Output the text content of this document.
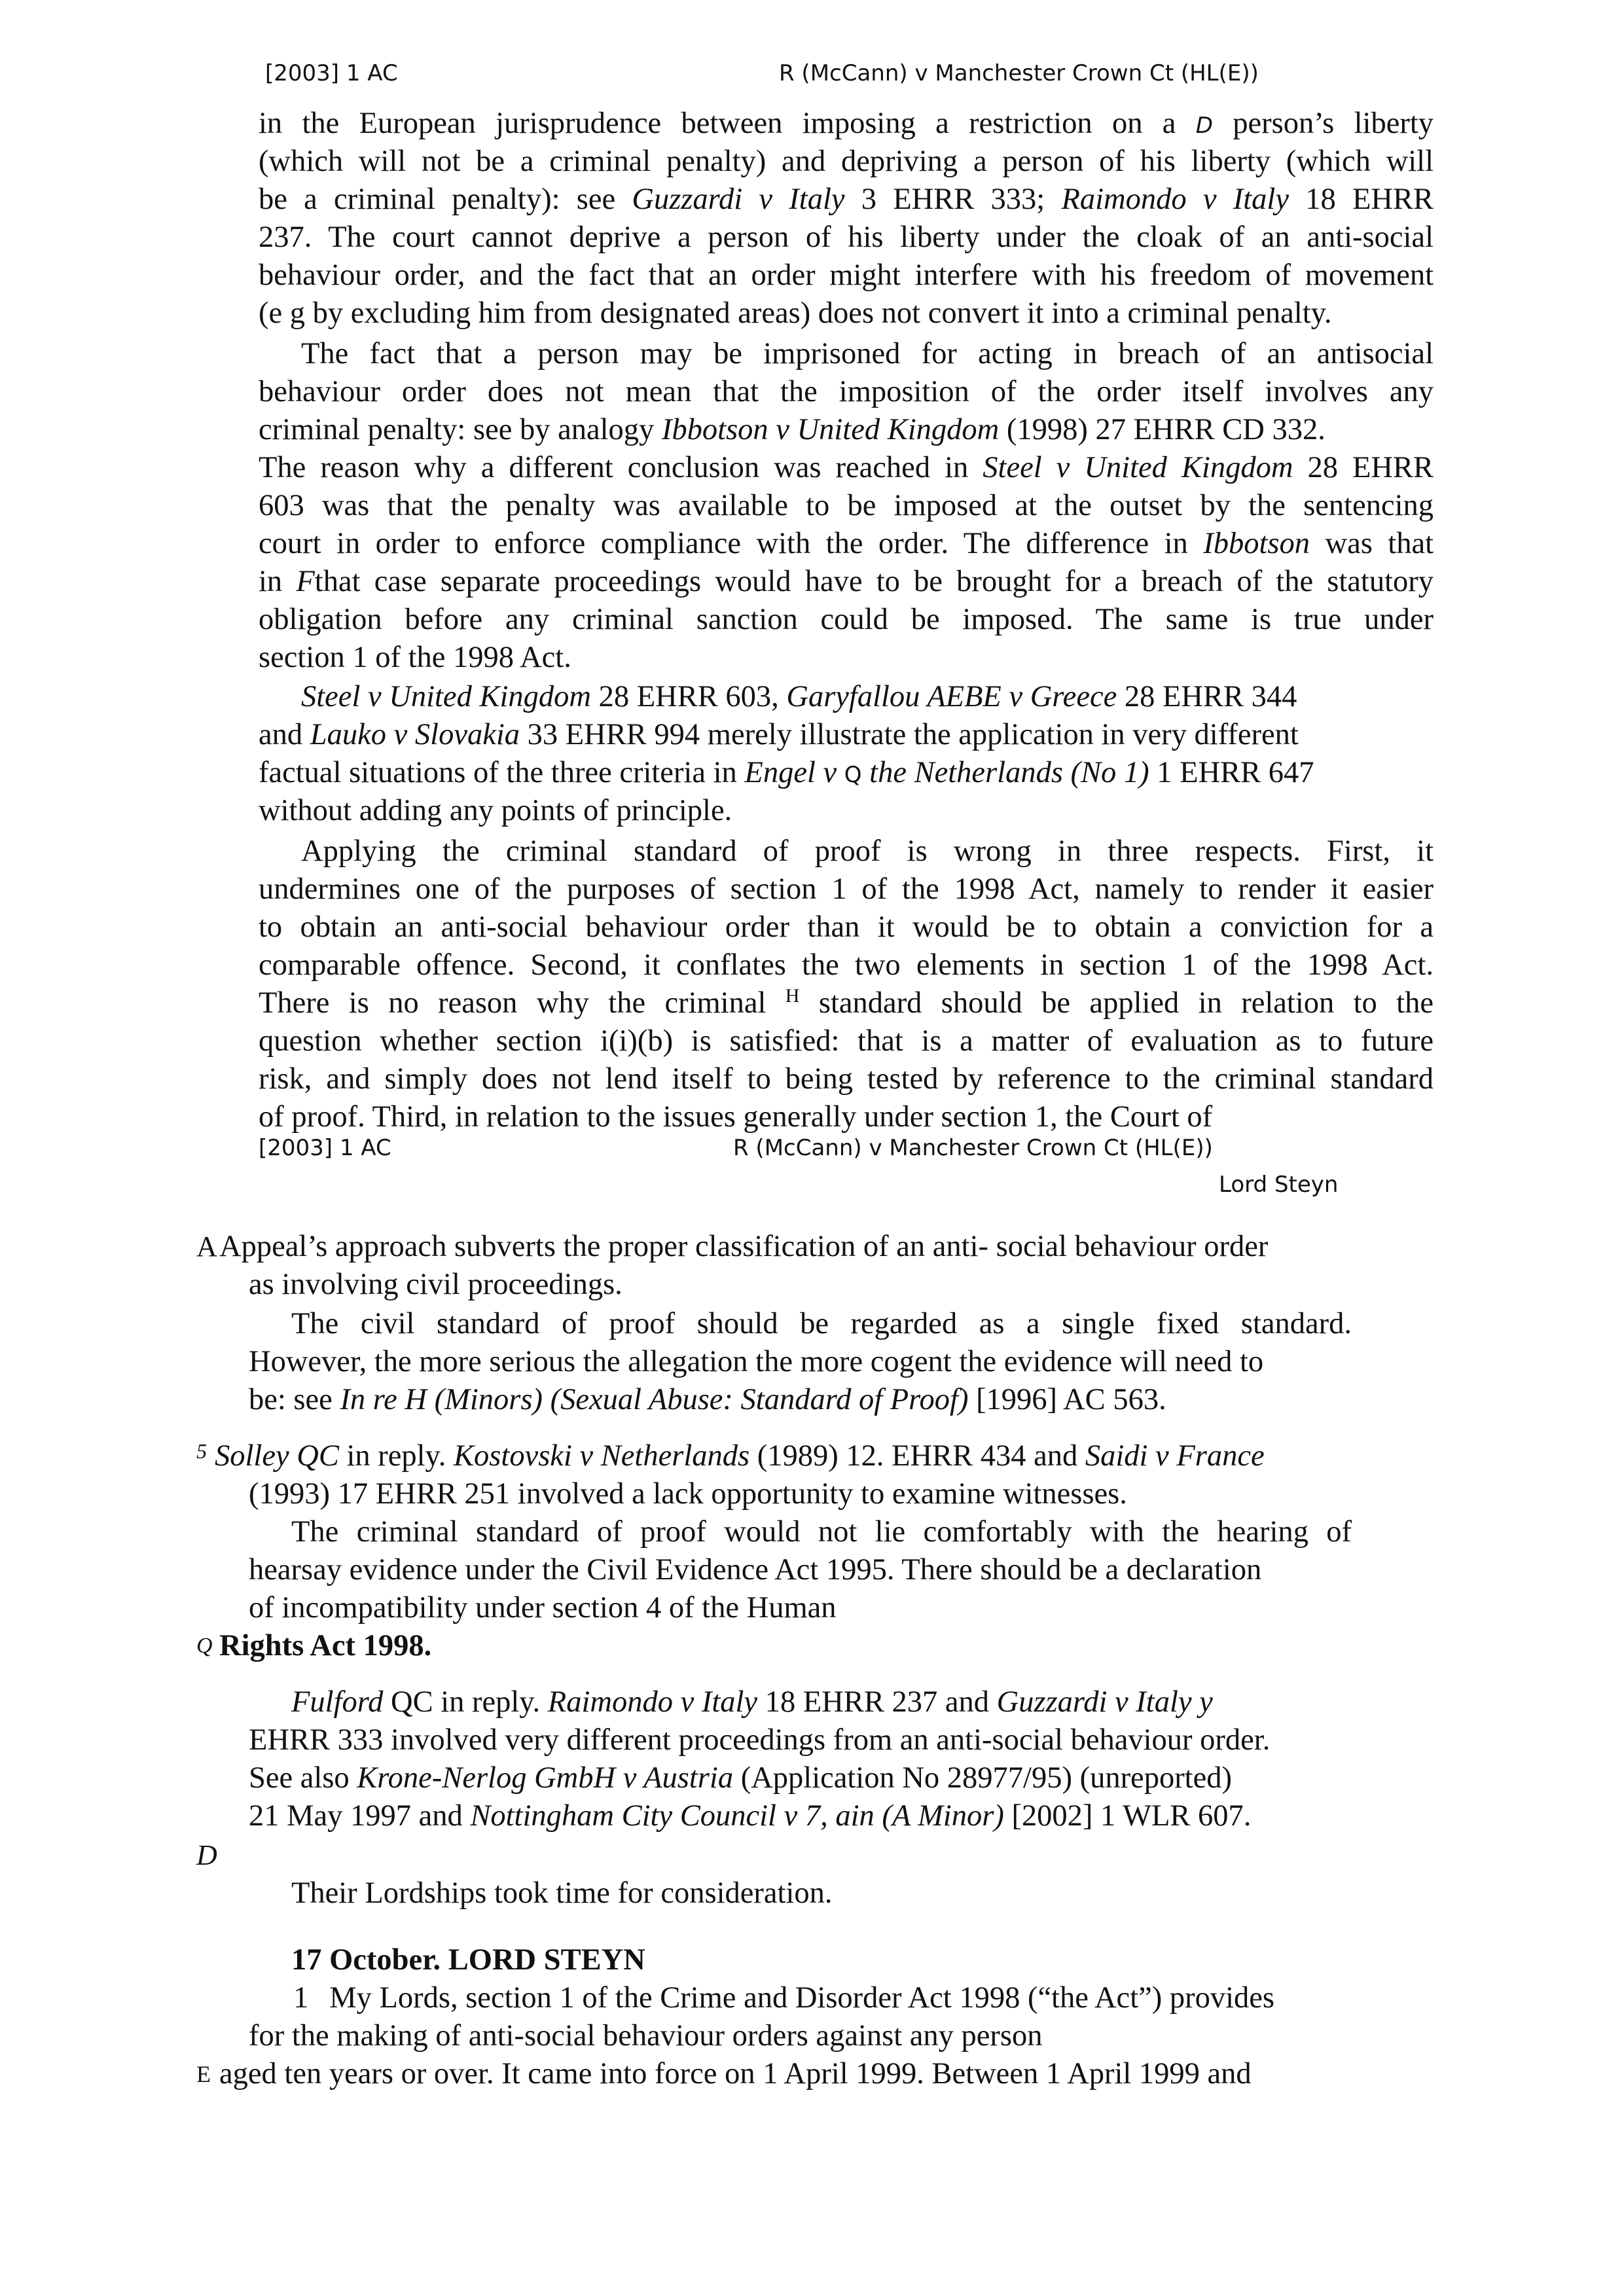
[2003] 1 AC	R (McCann) v Manchester Crown Ct (HL(E))
in the European jurisprudence between imposing a restriction on a D person’s liberty
(which will not be a criminal penalty) and depriving a person of his liberty (which will
be a criminal penalty): see Guzzardi v Italy 3 EHRR 333; Raimondo v Italy 18 EHRR
237. The court cannot deprive a person of his liberty under the cloak of an anti-social
behaviour order, and the fact that an order might interfere with his freedom of movement
(e g by excluding him from designated areas) does not convert it into a criminal penalty.
The fact that a person may be imprisoned for acting in breach of an antisocial
behaviour order does not mean that the imposition of the order itself involves any
criminal penalty: see by analogy Ibbotson v United Kingdom (1998) 27 EHRR CD 332.
The reason why a different conclusion was reached in Steel v United Kingdom 28 EHRR
603 was that the penalty was available to be imposed at the outset by the sentencing
court in order to enforce compliance with the order. The difference in Ibbotson was that
in Fthat case separate proceedings would have to be brought for a breach of the statutory
obligation before any criminal sanction could be imposed. The same is true under
section 1 of the 1998 Act.
Steel v United Kingdom 28 EHRR 603, Garyfallou AEBE v Greece 28 EHRR 344
and Lauko v Slovakia 33 EHRR 994 merely illustrate the application in very different
factual situations of the three criteria in Engel v Q the Netherlands (No 1) 1 EHRR 647
without adding any points of principle.
Applying the criminal standard of proof is wrong in three respects. First, it
undermines one of the purposes of section 1 of the 1998 Act, namely to render it easier
to obtain an anti-social behaviour order than it would be to obtain a conviction for a
comparable offence. Second, it conflates the two elements in section 1 of the 1998 Act.
There is no reason why the criminal $^H$ standard should be applied in relation to the
question whether section i(i)(b) is satisfied: that is a matter of evaluation as to future
risk, and simply does not lend itself to being tested by reference to the criminal standard
of proof. Third, in relation to the issues generally under section 1, the Court of
[2003] 1 AC	R (McCann) v Manchester Crown Ct (HL(E))
Lord Steyn
A Appeal’s approach subverts the proper classification of an anti- social behaviour order
as involving civil proceedings.
The civil standard of proof should be regarded as a single fixed standard.
However, the more serious the allegation the more cogent the evidence will need to
be: see In re H (Minors) (Sexual Abuse: Standard of Proof) [1996] AC 563.
5 Solley QC in reply. Kostovski v Netherlands (1989) 12. EHRR 434 and Saidi v France
(1993) 17 EHRR 251 involved a lack opportunity to examine witnesses.
The criminal standard of proof would not lie comfortably with the hearing of
hearsay evidence under the Civil Evidence Act 1995. There should be a declaration
of incompatibility under section 4 of the Human
Q Rights Act 1998.
Fulford QC in reply. Raimondo v Italy 18 EHRR 237 and Guzzardi v Italy y
EHRR 333 involved very different proceedings from an anti-social behaviour order.
See also Krone-Nerlog GmbH v Austria (Application No 28977/95) (unreported)
21 May 1997 and Nottingham City Council v 7, ain (A Minor) [2002] 1 WLR 607.
D
Their Lordships took time for consideration.
17 October. LORD STEYN
1 My Lords, section 1 of the Crime and Disorder Act 1998 (“the Act”) provides
for the making of anti-social behaviour orders against any person
E aged ten years or over. It came into force on 1 April 1999. Between 1 April 1999 and
